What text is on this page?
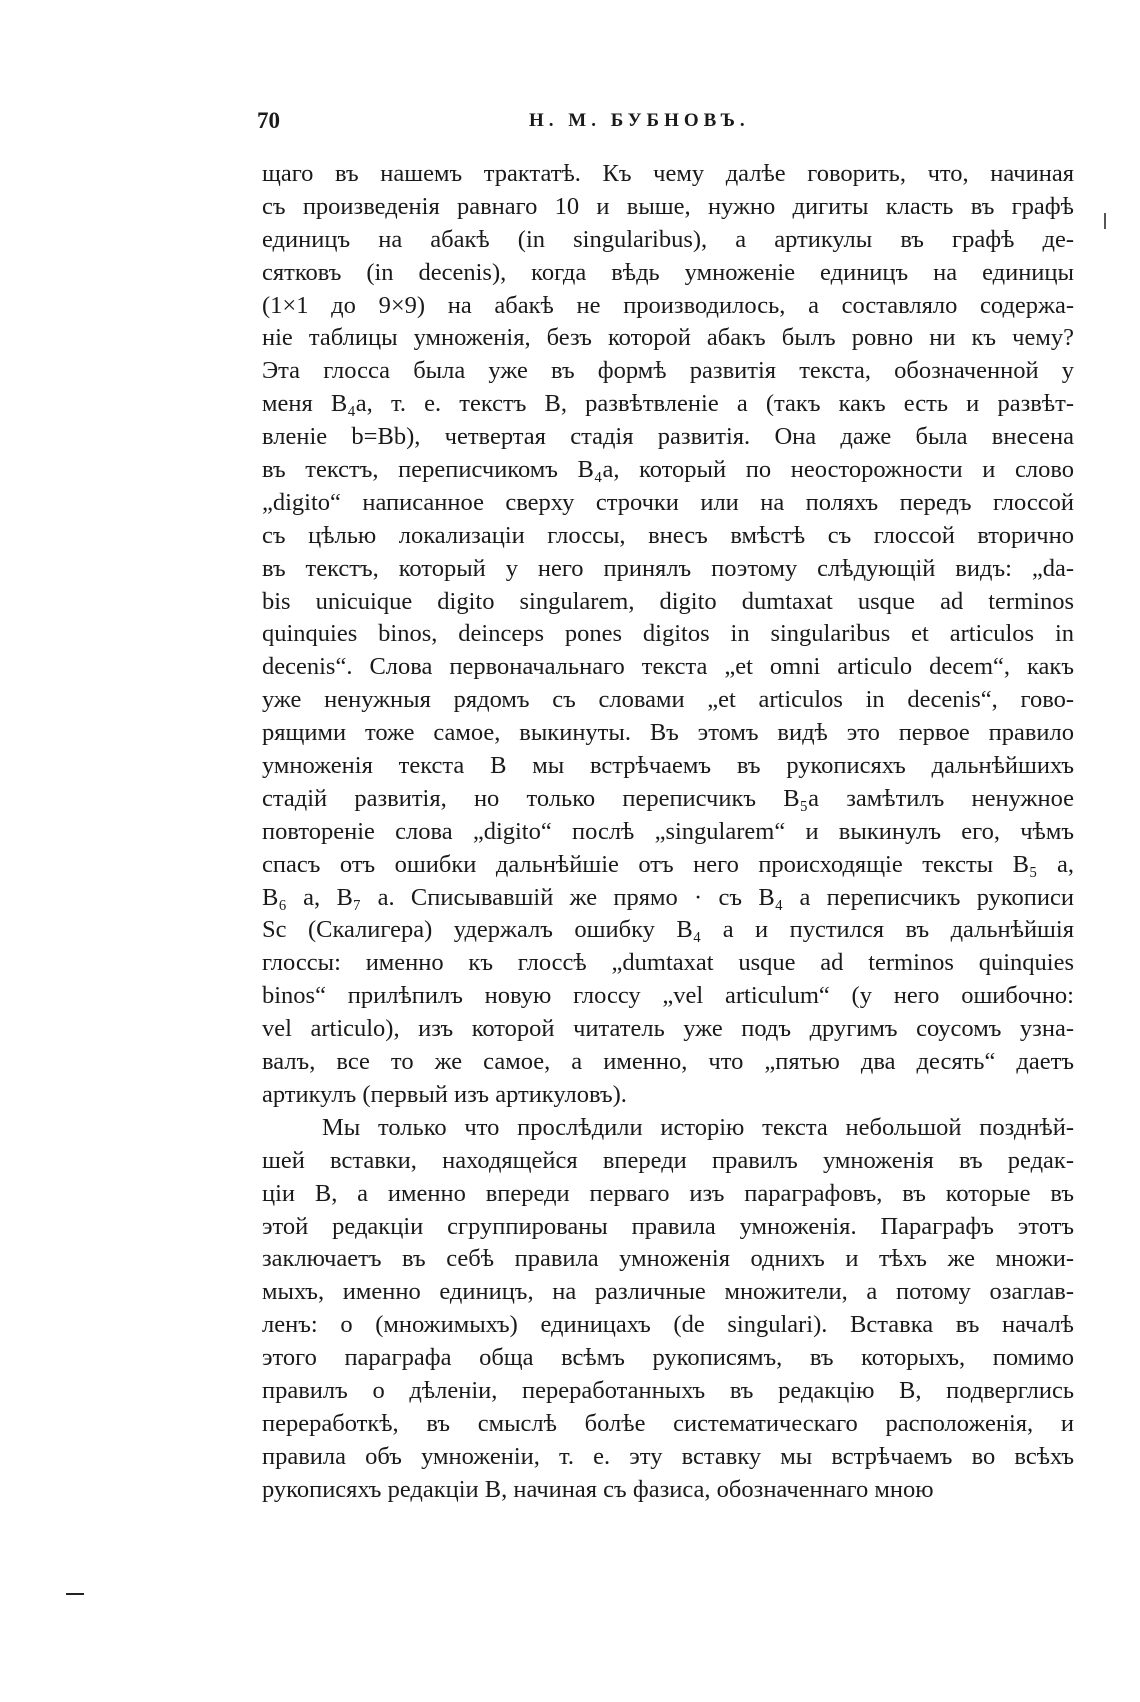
70	Н. М. БУБНОВЪ.
щаго въ нашемъ трактатѣ. Къ чему далѣе говорить, что, начиная
съ произведенія равнаго 10 и выше, нужно дигиты класть въ графѣ
единицъ на абакѣ (in singularibus), а артикулы въ графѣ де-
сятковъ (in decenis), когда вѣдь умноженіе единицъ на единицы
(1×1 до 9×9) на абакѣ не производилось, а составляло содержа-
ніе таблицы умноженія, безъ которой абакъ былъ ровно ни къ чему?
Эта глосса была уже въ формѣ развитія текста, обозначенной у
меня B₄a, т. е. текстъ B, развѣтвленіе a (такъ какъ есть и развѣт-
вленіе b=Bb), четвертая стадія развитія. Она даже была внесена
въ текстъ, переписчикомъ B₄a, который по неосторожности и слово
„digito“ написанное сверху строчки или на поляхъ передъ глоссой
съ цѣлью локализаціи глоссы, внесъ вмѣстѣ съ глоссой вторично
въ текстъ, который у него принялъ поэтому слѣдующій видъ: „da-
bis unicuique digito singularem, digito dumtaxat usque ad terminos
quinquies binos, deinceps pones digitos in singularibus et articulos in
decenis“. Слова первоначальнаго текста „et omni articulo decem“, какъ
уже ненужныя рядомъ съ словами „et articulos in decenis“, гово-
рящими тоже самое, выкинуты. Въ этомъ видѣ это первое правило
умноженія текста B мы встрѣчаемъ въ рукописяхъ дальнѣйшихъ
стадій развитія, но только переписчикъ B₅a замѣтилъ ненужное
повтореніе слова „digito“ послѣ „singularem“ и выкинулъ его, чѣмъ
спасъ отъ ошибки дальнѣйшіе отъ него происходящіе тексты B₅ a,
B₆ a, B₇ a. Списывавшій же прямо · съ B₄ a переписчикъ рукописи
Sc (Скалигера) удержалъ ошибку B₄ a и пустился въ дальнѣйшія
глоссы: именно къ глоссѣ „dumtaxat usque ad terminos quinquies
binos“ прилѣпилъ новую глоссу „vel articulum“ (у него ошибочно:
vel articulo), изъ которой читатель уже подъ другимъ соусомъ узна-
валъ, все то же самое, а именно, что „пятью два десять“ даетъ
артикулъ (первый изъ артикуловъ).
Мы только что прослѣдили исторію текста небольшой позднѣй-
шей вставки, находящейся впереди правилъ умноженія въ редак-
ціи B, а именно впереди перваго изъ параграфовъ, въ которые въ
этой редакціи сгруппированы правила умноженія. Параграфъ этотъ
заключаетъ въ себѣ правила умноженія однихъ и тѣхъ же множи-
мыхъ, именно единицъ, на различные множители, а потому озаглав-
ленъ: о (множимыхъ) единицахъ (de singulari). Вставка въ началѣ
этого параграфа обща всѣмъ рукописямъ, въ которыхъ, помимо
правилъ о дѣленіи, переработанныхъ въ редакцію B, подверглись
переработкѣ, въ смыслѣ болѣе систематическаго расположенія, и
правила объ умноженіи, т. е. эту вставку мы встрѣчаемъ во всѣхъ
рукописяхъ редакціи B, начиная съ фазиса, обозначеннаго мною
